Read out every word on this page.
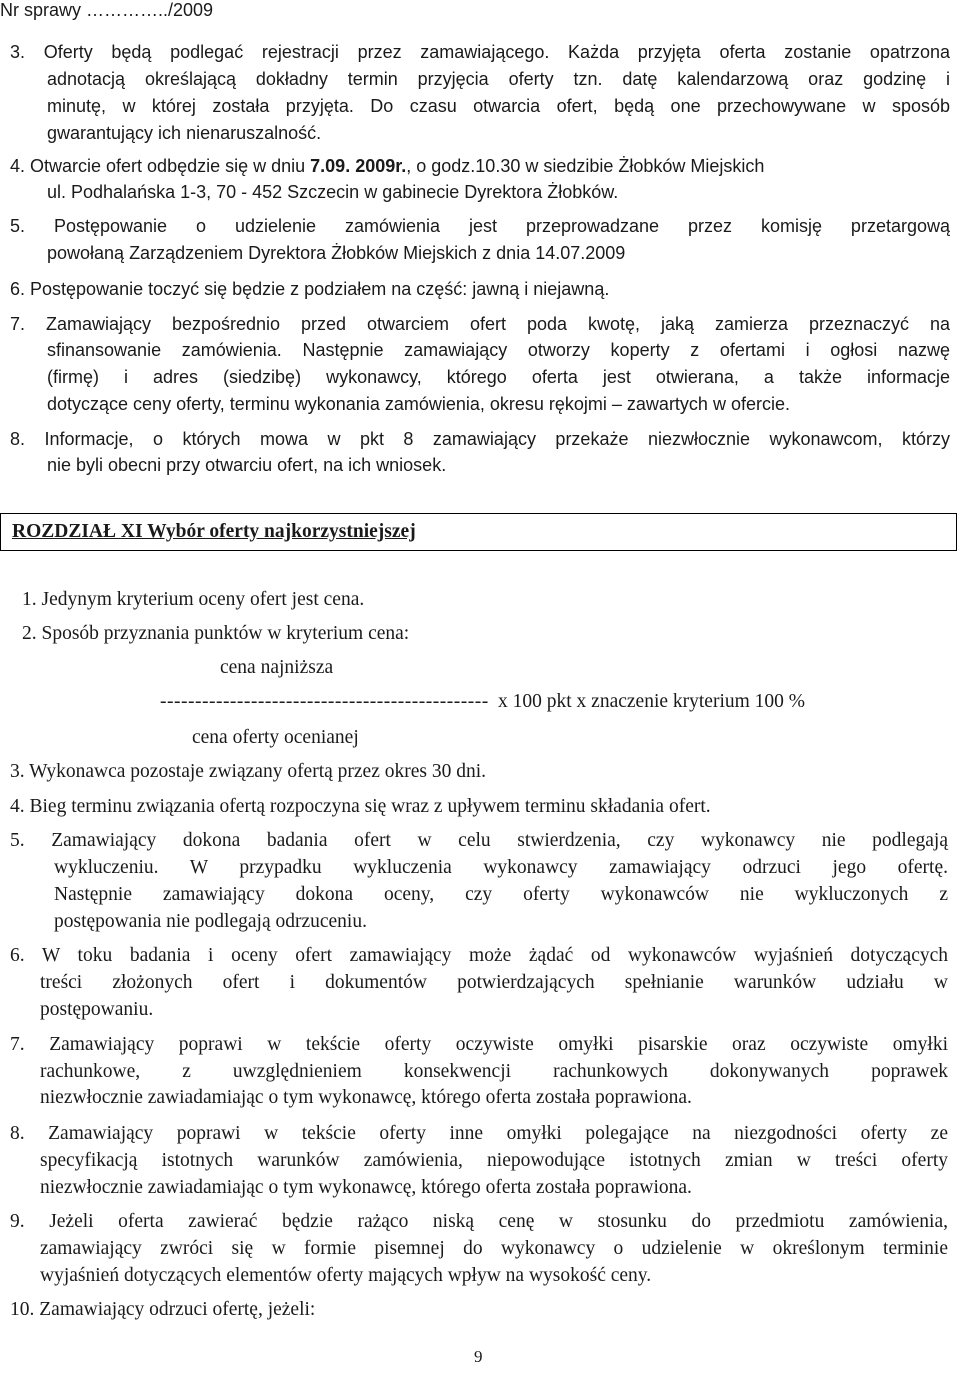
Nr sprawy …………../2009
3. Oferty będą podlegać rejestracji przez zamawiającego. Każda przyjęta oferta zostanie opatrzona
adnotacją określającą dokładny termin przyjęcia oferty tzn. datę kalendarzową oraz godzinę i
minutę, w której została przyjęta. Do czasu otwarcia ofert, będą one przechowywane w sposób
gwarantujący ich nienaruszalność.
4. Otwarcie ofert odbędzie się w dniu 7.09. 2009r., o godz.10.30 w siedzibie Żłobków Miejskich
ul. Podhalańska 1-3, 70 - 452 Szczecin w gabinecie Dyrektora Żłobków.
5. Postępowanie o udzielenie zamówienia jest przeprowadzane przez komisję przetargową
powołaną Zarządzeniem Dyrektora Żłobków Miejskich z dnia 14.07.2009
6. Postępowanie toczyć się będzie z podziałem na część: jawną i niejawną.
7. Zamawiający bezpośrednio przed otwarciem ofert poda kwotę, jaką zamierza przeznaczyć na
sfinansowanie zamówienia. Następnie zamawiający otworzy koperty z ofertami i ogłosi nazwę
(firmę) i adres (siedzibę) wykonawcy, którego oferta jest otwierana, a także informacje
dotyczące ceny oferty, terminu wykonania zamówienia, okresu rękojmi – zawartych w ofercie.
8. Informacje, o których mowa w pkt 8 zamawiający przekaże niezwłocznie wykonawcom, którzy
nie byli obecni przy otwarciu ofert, na ich wniosek.
ROZDZIAŁ XI Wybór oferty najkorzystniejszej
1. Jedynym kryterium oceny ofert jest cena.
2. Sposób przyznania punktów w kryterium cena:
cena najniższa
----------------------------------------------- x 100 pkt x znaczenie kryterium 100 %
cena oferty ocenianej
3. Wykonawca pozostaje związany ofertą przez okres 30 dni.
4. Bieg terminu związania ofertą rozpoczyna się wraz z upływem terminu składania ofert.
5. Zamawiający dokona badania ofert w celu stwierdzenia, czy wykonawcy nie podlegają
wykluczeniu. W przypadku wykluczenia wykonawcy zamawiający odrzuci jego ofertę.
Następnie zamawiający dokona oceny, czy oferty wykonawców nie wykluczonych z
postępowania nie podlegają odrzuceniu.
6. W toku badania i oceny ofert zamawiający może żądać od wykonawców wyjaśnień dotyczących
treści złożonych ofert i dokumentów potwierdzających spełnianie warunków udziału w
postępowaniu.
7. Zamawiający poprawi w tekście oferty oczywiste omyłki pisarskie oraz oczywiste omyłki
rachunkowe, z uwzględnieniem konsekwencji rachunkowych dokonywanych poprawek
niezwłocznie zawiadamiając o tym wykonawcę, którego oferta została poprawiona.
8. Zamawiający poprawi w tekście oferty inne omyłki polegające na niezgodności oferty ze
specyfikacją istotnych warunków zamówienia, niepowodujące istotnych zmian w treści oferty
niezwłocznie zawiadamiając o tym wykonawcę, którego oferta została poprawiona.
9. Jeżeli oferta zawierać będzie rażąco niską cenę w stosunku do przedmiotu zamówienia,
zamawiający zwróci się w formie pisemnej do wykonawcy o udzielenie w określonym terminie
wyjaśnień dotyczących elementów oferty mających wpływ na wysokość ceny.
10. Zamawiający odrzuci ofertę, jeżeli:
9
